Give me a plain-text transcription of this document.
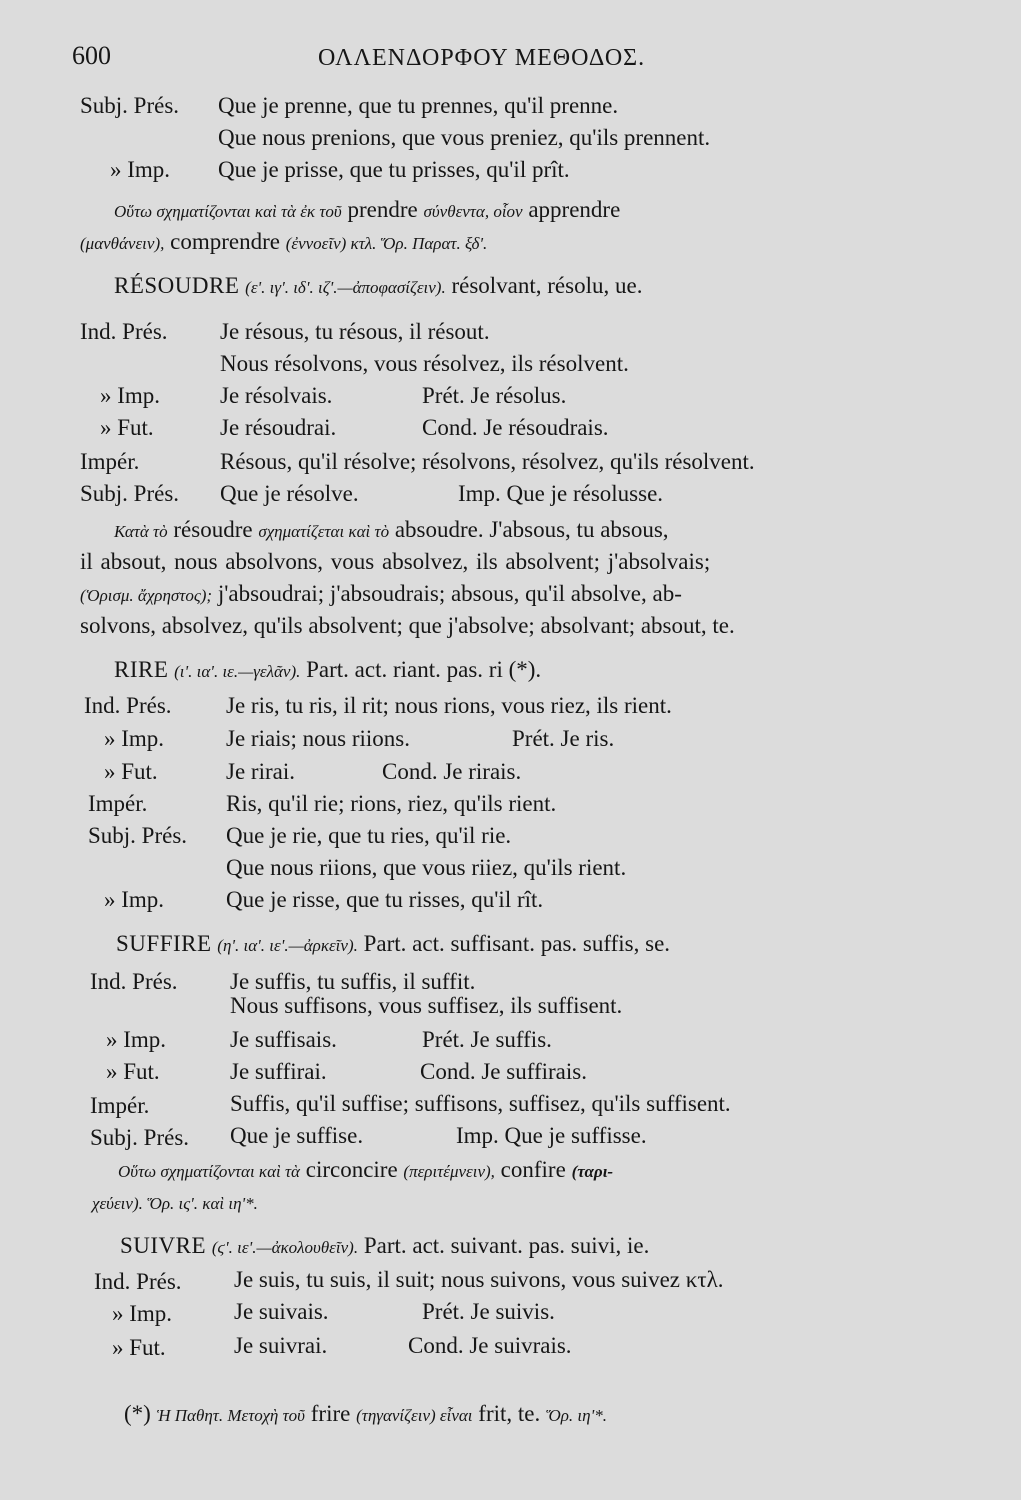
600	ΟΛΛΕΝΔΟΡΦΟΥ ΜΕΘΟΔΟΣ.
Subj. Prés. Que je prenne, que tu prennes, qu'il prenne.
Que nous prenions, que vous preniez, qu'ils prennent.
» Imp. Que je prisse, que tu prisses, qu'il prît.
Οὕτω σχηματίζονται καὶ τὰ ἐκ τοῦ prendre σύνθεντα, οἷον apprendre
(μανθάνειν), comprendre (ἐννοεῖν) κτλ. Ὅρ. Παρατ. ξδ'.
RÉSOUDRE (ε'. ιγ'. ιδ'. ιζ'.—ἀποφασίζειν). résolvant, résolu, ue.
Ind. Prés. Je résous, tu résous, il résout.
Nous résolvons, vous résolvez, ils résolvent.
» Imp.	Je résolvais.	Prét. Je résolus.
» Fut.	Je résoudrai.	Cond. Je résoudrais.
Impér.	Résous, qu'il résolve; résolvons, résolvez, qu'ils résolvent.
Subj. Prés. Que je résolve.	Imp. Que je résolusse.
Κατὰ τὸ résoudre σχηματίζεται καὶ τὸ absoudre. J'absous, tu absous,
il absout, nous absolvons, vous absolvez, ils absolvent; j'absolvais;
(Ὁρισμ. ἄχρηστος); j'absoudrai; j'absoudrais; absous, qu'il absolve, ab-
solvons, absolvez, qu'ils absolvent; que j'absolve; absolvant; absout, te.
RIRE (ι'. ια'. ιε.—γελᾶν). Part. act. riant. pas. ri (*).
Ind. Prés. Je ris, tu ris, il rit; nous rions, vous riez, ils rient.
» Imp.	Je riais; nous riions.	Prét. Je ris.
» Fut.	Je rirai.	Cond. Je rirais.
Impér.	Ris, qu'il rie; rions, riez, qu'ils rient.
Subj. Prés. Que je rie, que tu ries, qu'il rie.
Que nous riions, que vous riiez, qu'ils rient.
» Imp.	Que je risse, que tu risses, qu'il rît.
SUFFIRE (η'. ια'. ιε'.—ἀρκεῖν). Part. act. suffisant. pas. suffis, se.
Ind. Prés. Je suffis, tu suffis, il suffit.
Nous suffisons, vous suffisez, ils suffisent.
» Imp.	Je suffisais.	Prét. Je suffis.
» Fut.	Je suffirai.	Cond. Je suffirais.
Impér.	Suffis, qu'il suffise; suffisons, suffisez, qu'ils suffisent.
Subj. Prés. Que je suffise.	Imp. Que je suffisse.
Οὕτω σχηματίζονται καὶ τὰ circoncire (περιτέμνειν), confire (ταρι-
χεύειν). Ὅρ. ις'. καὶ ιη'*.
SUIVRE (ϛ'. ιε'.—ἀκολουθεῖν). Part. act. suivant. pas. suivi, ie.
Ind. Prés. Je suis, tu suis, il suit; nous suivons, vous suivez κτλ.
» Imp.	Je suivais.	Prét. Je suivis.
» Fut.	Je suivrai.	Cond. Je suivrais.
(*) Ἡ Παθητ. Μετοχὴ τοῦ frire (τηγανίζειν) εἶναι frit, te. Ὅρ. ιη'*.
